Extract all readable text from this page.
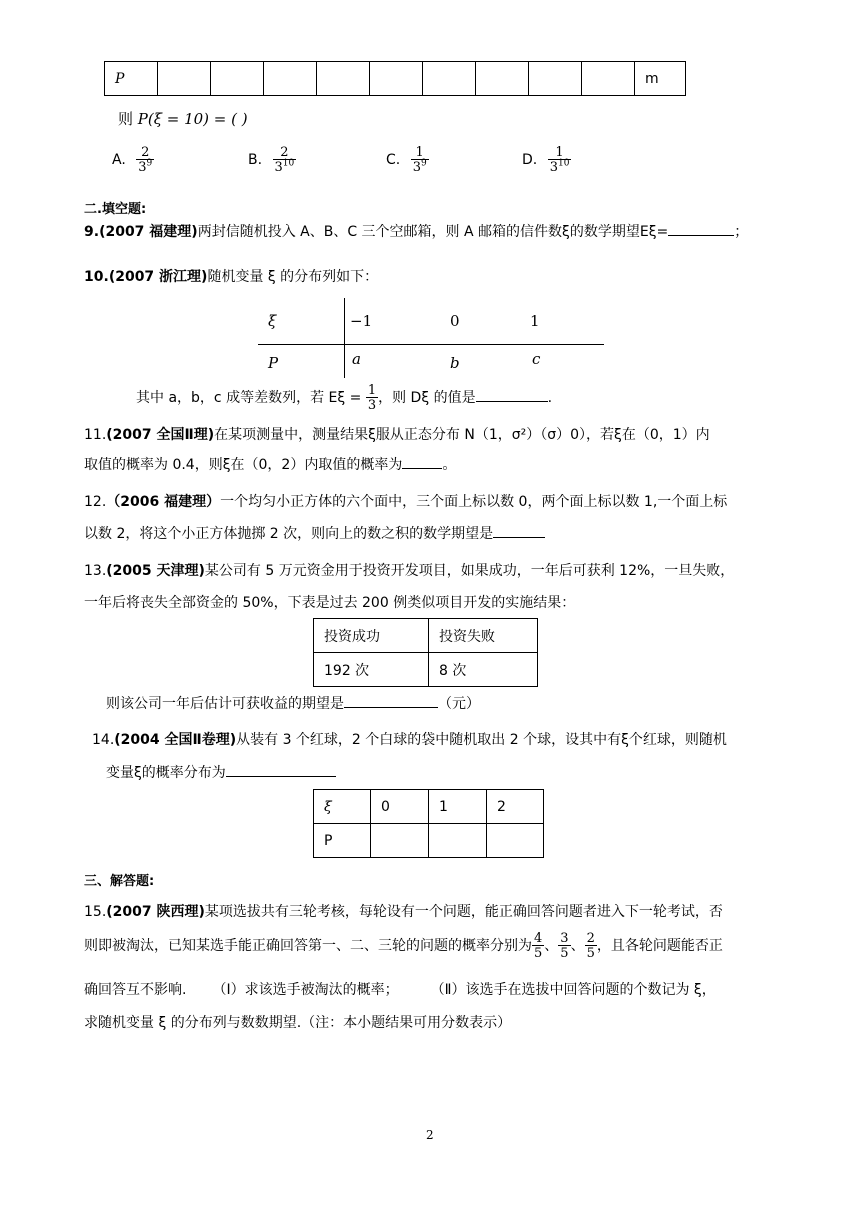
P										m
则 P(ξ = 10) = ( )
A. $\frac{2}{3^9}$	B. $\frac{2}{3^{10}}$	C. $\frac{1}{3^9}$	D. $\frac{1}{3^{10}}$
二.填空题:
9.(2007 福建理)两封信随机投入 A、B、C 三个空邮箱，则 A 邮箱的信件数ξ的数学期望Eξ=	；
10.(2007 浙江理)随机变量 ξ 的分布列如下：
ξ	−1	0	1
P	a	b	c
其中 a，b，c 成等差数列，若 $E\xi = \frac{1}{3}$ ，则 Dξ 的值是	.
11.(2007 全国Ⅱ理)在某项测量中，测量结果ξ服从正态分布 N（1，σ²）（σ）0），若ξ在（0，1）内
取值的概率为 0.4，则ξ在（0，2）内取值的概率为	。
12.（2006 福建理）一个均匀小正方体的六个面中，三个面上标以数 0，两个面上标以数 1,一个面上标
以数 2，将这个小正方体抛掷 2 次，则向上的数之积的数学期望是
13.(2005 天津理)某公司有 5 万元资金用于投资开发项目，如果成功，一年后可获利 12%，一旦失败，
一年后将丧失全部资金的 50%，下表是过去 200 例类似项目开发的实施结果：
投资成功	投资失败
192 次	8 次
则该公司一年后估计可获收益的期望是	（元）
14.(2004 全国Ⅱ卷理)从装有 3 个红球，2 个白球的袋中随机取出 2 个球，设其中有ξ个红球，则随机
变量ξ的概率分布为
ξ	0	1	2
P			
三、解答题:
15.(2007 陕西理)某项选拔共有三轮考核，每轮设有一个问题，能正确回答问题者进入下一轮考试，否
则即被淘汰，已知某选手能正确回答第一、二、三轮的问题的概率分别为 $\frac{4}{5}$ 、 $\frac{3}{5}$ 、 $\frac{2}{5}$ ，且各轮问题能否正
确回答互不影响. （Ⅰ）求该选手被淘汰的概率； （Ⅱ）该选手在选拔中回答问题的个数记为 ξ，
求随机变量 ξ 的分布列与数数期望.（注：本小题结果可用分数表示）
2
